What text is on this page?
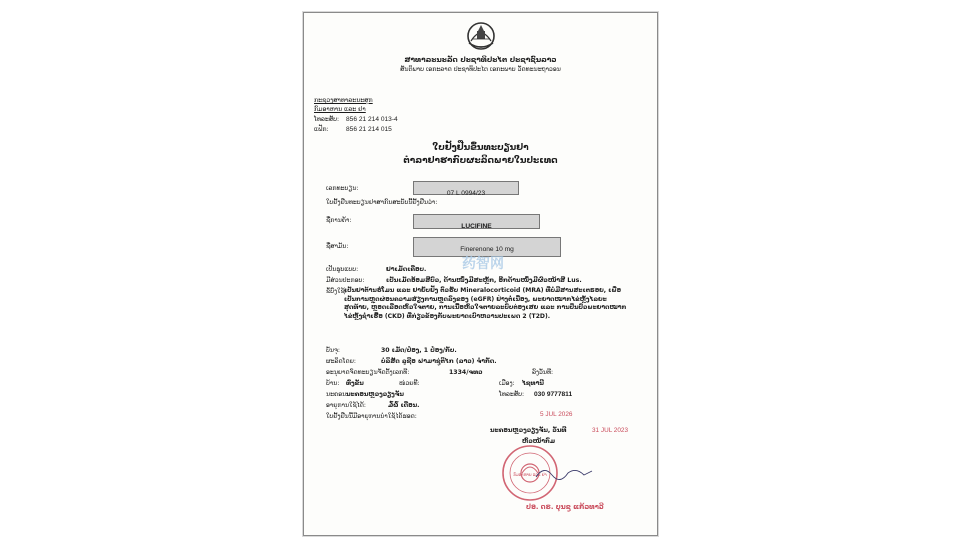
ສາທາລະນະລັດ ປະຊາທິປະໄຕ ປະຊາຊົນລາວ
ສັນຕິພາບ ເອກະລາດ ປະຊາທິປະໄຕ ເອກະພາບ ວັດທະນະຖາວອນ
ກະຊວງສາທາລະນະສຸກ
ກົມອາຫານ ແລະ ຢາ
ໂທລະສັບ: 856 21 214 013-4
ແຟັກ:	856 21 214 015
ໃບຢັ້ງຢືນຂຶ້ນທະບຽນຢາ
ຕຳລາຢາຮາກົບຜະລິດພາຍໃນປະເທດ
ເລກທະບຽນ:
07 L 0994/23
ໃບຢັ້ງຢືນທະບຽນຢາສາກົນສະບັບນີ້ຢັ້ງຢືນວ່າ:
ຊື່ການຄ້າ:
LUCIFINE
ຊື່ສາມັນ:	Finerenone 10 mg
ເປັນຮູບແບບ:	ຢາເມັດເຄືອບ.
ມີສ່ວນປະກອບ:	ເປັນເມັດອ້ອມສີບົວ, ດ້ານໜຶ່ງມີສະຫຼັກ, ອີກດ້ານໜຶ່ງມີຜົວໜ້າສີ Lus.
ຂໍ້ບົ່ງໃຊ້:
ເປັນຢາຕ້ານຮໍໂມນ ແລະ ຢາຍັບຢັ້ງ ຕົວຮັບ Mineralocorticoid (MRA) ທີ່ບໍ່ມີສານສະເຕຣອຍ, ເພື່ອເປັນການຫຼຸດຜ່ອນຄວາມສ່ຽງການຫຼຸດລົງຂອງ (eGFR) ຢ່າງຕໍ່ເນື່ອງ, ພະຍາດໝາກໄຂ່ຫຼັງໄລຍະສຸດທ້າຍ, ຫຼອດເລືອດຫົວໃຈຕາຍ, ການເນື້ອຫົວໃຈຕາຍລະບົບຕ່ອງເສຍ ແລະ ການປິ່ນປົວພະຍາດໝາກໄຂ່ຫຼັງຊໍາເຮື້ອ (CKD) ທີ່ກ່ຽວຂ້ອງກັບພະຍາດເບົາຫວານປະເພດ 2 (T2D).
药智网
ບັນຈຸ:	30 ເມັດ/ປ໋ອງ, 1 ປ໋ອງ/ກັບ.
ຜະລິດໂດຍ:	ບໍລິສັດ ລູຊີອ ຟາມາຊູ່ຕິໄກ (ລາວ) ຈຳກັດ.
ອະນຸຍາດຈົດທະບຽນຈັດຕັ້ງເລກທີ:	1334/ຈທວ	ລົງວັນທີ:
ບ້ານ: ທົ່ງຂັນ	ໜ່ວຍທີ:	ເມືອງ: ໄຊທານີ
ນະຄອນ:
ນະຄອນຫຼວງວຽງຈັນ	ໂທລະສັບ: 030 9777811
ອາຍຸການໃຊ້ໄດ້:	໓໖ ເດືອນ.
ໃບຢັ້ງຢືນນີ້ມີອາຍຸການນຳໃຊ້ໄດ້ຮອດ:	5 JUL 2026
ນະຄອນຫຼວງວຽງຈັນ, ວັນທີ	31 JUL 2023
ຫົວໜ້າກົມ
ກົມອາຫານ ແລະ ຢາ
ປອ. ດຣ. ບຸນຊູ ແກ້ວທາວີ
